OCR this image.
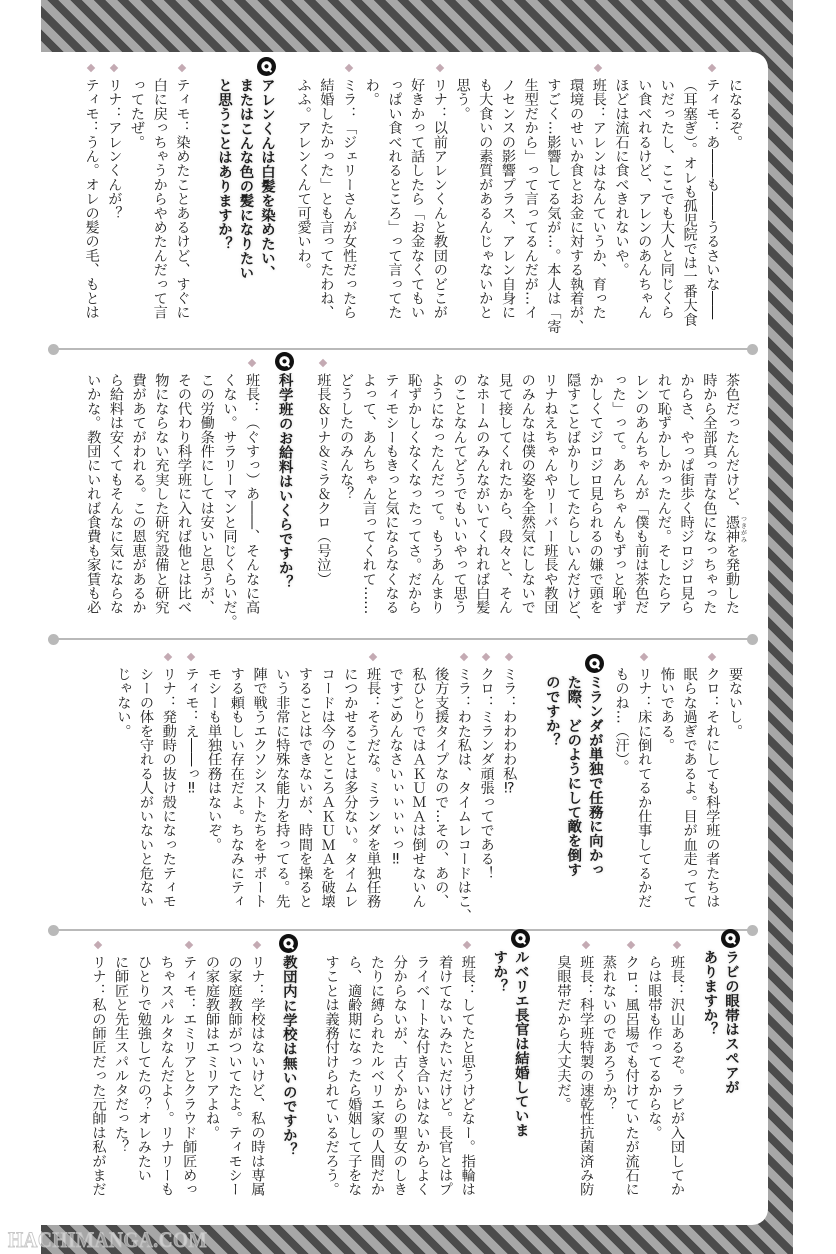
になるぞ。
ティモ：あ――も――うるさいな――
（耳塞ぎ）。オレも孤児院では一番大食
いだったし、ここでも大人と同じくら
い食べれるけど、アレンのあんちゃん
ほどは流石に食べきれないや。
班長：アレンはなんていうか、育った
環境のせいか食とお金に対する執着が、
すごく…影響してる気が…。本人は「寄
生型だから」って言ってるんだが…イ
ノセンスの影響プラス、アレン自身に
も大食いの素質があるんじゃないかと
思う。
リナ：以前アレンくんと教団のどこが
好きかって話したら「お金なくてもい
っぱい食べれるところ」って言ってた
わ。
ミラ：「ジェリーさんが女性だったら
結婚したかった」とも言ってたわね、
ふふ。アレンくんて可愛いわ。
アレンくんは白髪を染めたい、
またはこんな色の髪になりたい
と思うことはありますか？
ティモ：染めたことあるけど、すぐに
白に戻っちゃうからやめたんだって言
ってたぜ。
リナ：アレンくんが？
ティモ：うん。オレの髪の毛、もとは
茶色だったんだけど、憑神 つきがみを発動した
時から全部真っ青な色になっちゃった
からさ、やっぱ街歩く時ジロジロ見ら
れて恥ずかしかったんだ。そしたらア
レンのあんちゃんが「僕も前は茶色だ
った」って。あんちゃんもずっと恥ず
かしくてジロジロ見られるの嫌で頭を
隠すことばかりしてたらしいんだけど、
リナねえちゃんやリーバー班長や教団
のみんなは僕の姿を全然気にしないで
見て接してくれたから、段々と、そん
なホームのみんながいてくれれば白髪
のことなんてどうでもいいやって思う
ようになったんだって。もうあんまり
恥ずかしくなくなったってさ。だから
ティモシーもきっと気にならなくなる
よって、あんちゃん言ってくれて……
どうしたのみんな？
班長＆リナ＆ミラ＆クロ（号泣）
科学班のお給料はいくらですか？
班長：（ぐすっ）あ――、そんなに高
くない。サラリーマンと同じくらいだ。
この労働条件にしては安いと思うが、
その代わり科学班に入れば他とは比べ
物にならない充実した研究設備と研究
費があてがわれる。この恩恵があるか
ら給料は安くてもそんなに気にならな
いかな。教団にいれば食費も家賃も必
要ないし。
クロ：それにしても科学班の者たちは
眠らな過ぎであるよ。目が血走ってて
怖いである。
リナ：床に倒れてるか仕事してるかだ
ものね…（汗）。
ミランダが単独で任務に向かっ
た際、どのようにして敵を倒す
のですか？
ミラ：わわわわ私⁉
クロ：ミランダ頑張ってである！
ミラ：わた私は、タイムレコードはこ、
後方支援タイプなので…その、あの、
私ひとりではＡＫＵＭＡは倒せないん
ですごめんなさいぃぃぃぃっ‼
班長：そうだな。ミランダを単独任務
につかせることは多分ない。タイムレ
コードは今のところＡＫＵＭＡを破壊
することはできないが、時間を操ると
いう非常に特殊な能力を持ってる。先
陣で戦うエクソシストたちをサポート
する頼もしい存在だよ。ちなみにティ
モシーも単独任務はないぞ。
ティモ：え――っ‼
リナ：発動時の抜け殻になったティモ
シーの体を守れる人がいないと危ない
じゃない。
ラビの眼帯はスペアが
ありますか？
班長：沢山あるぞ。ラビが入団してか
らは眼帯も作ってるからな。
クロ：風呂場でも付けていたが流石に
蒸れないのであろうか？
班長：科学班特製の速乾性抗菌済み防
臭眼帯だから大丈夫だ。
ルベリエ長官は結婚していま
すか？
班長：してたと思うけどなー。指輪は
着けてないみたいだけど。長官とはプ
ライベートな付き合いはないからよく
分からないが、古くからの聖女のしき
たりに縛られたルベリエ家の人間だか
ら、適齢期になったら婚姻して子をな
すことは義務付けられているだろう。
教団内に学校は無いのですか？
リナ：学校はないけど、私の時は専属
の家庭教師がついてたよ。ティモシー
の家庭教師はエミリアよね。
ティモ：エミリアとクラウド師匠めっ
ちゃスパルタなんだよ～。リナリーも
ひとりで勉強してたの？オレみたい
に師匠と先生スパルタだった？
リナ：私の師匠だった元帥は私がまだ
HACHIMANGA.COM
